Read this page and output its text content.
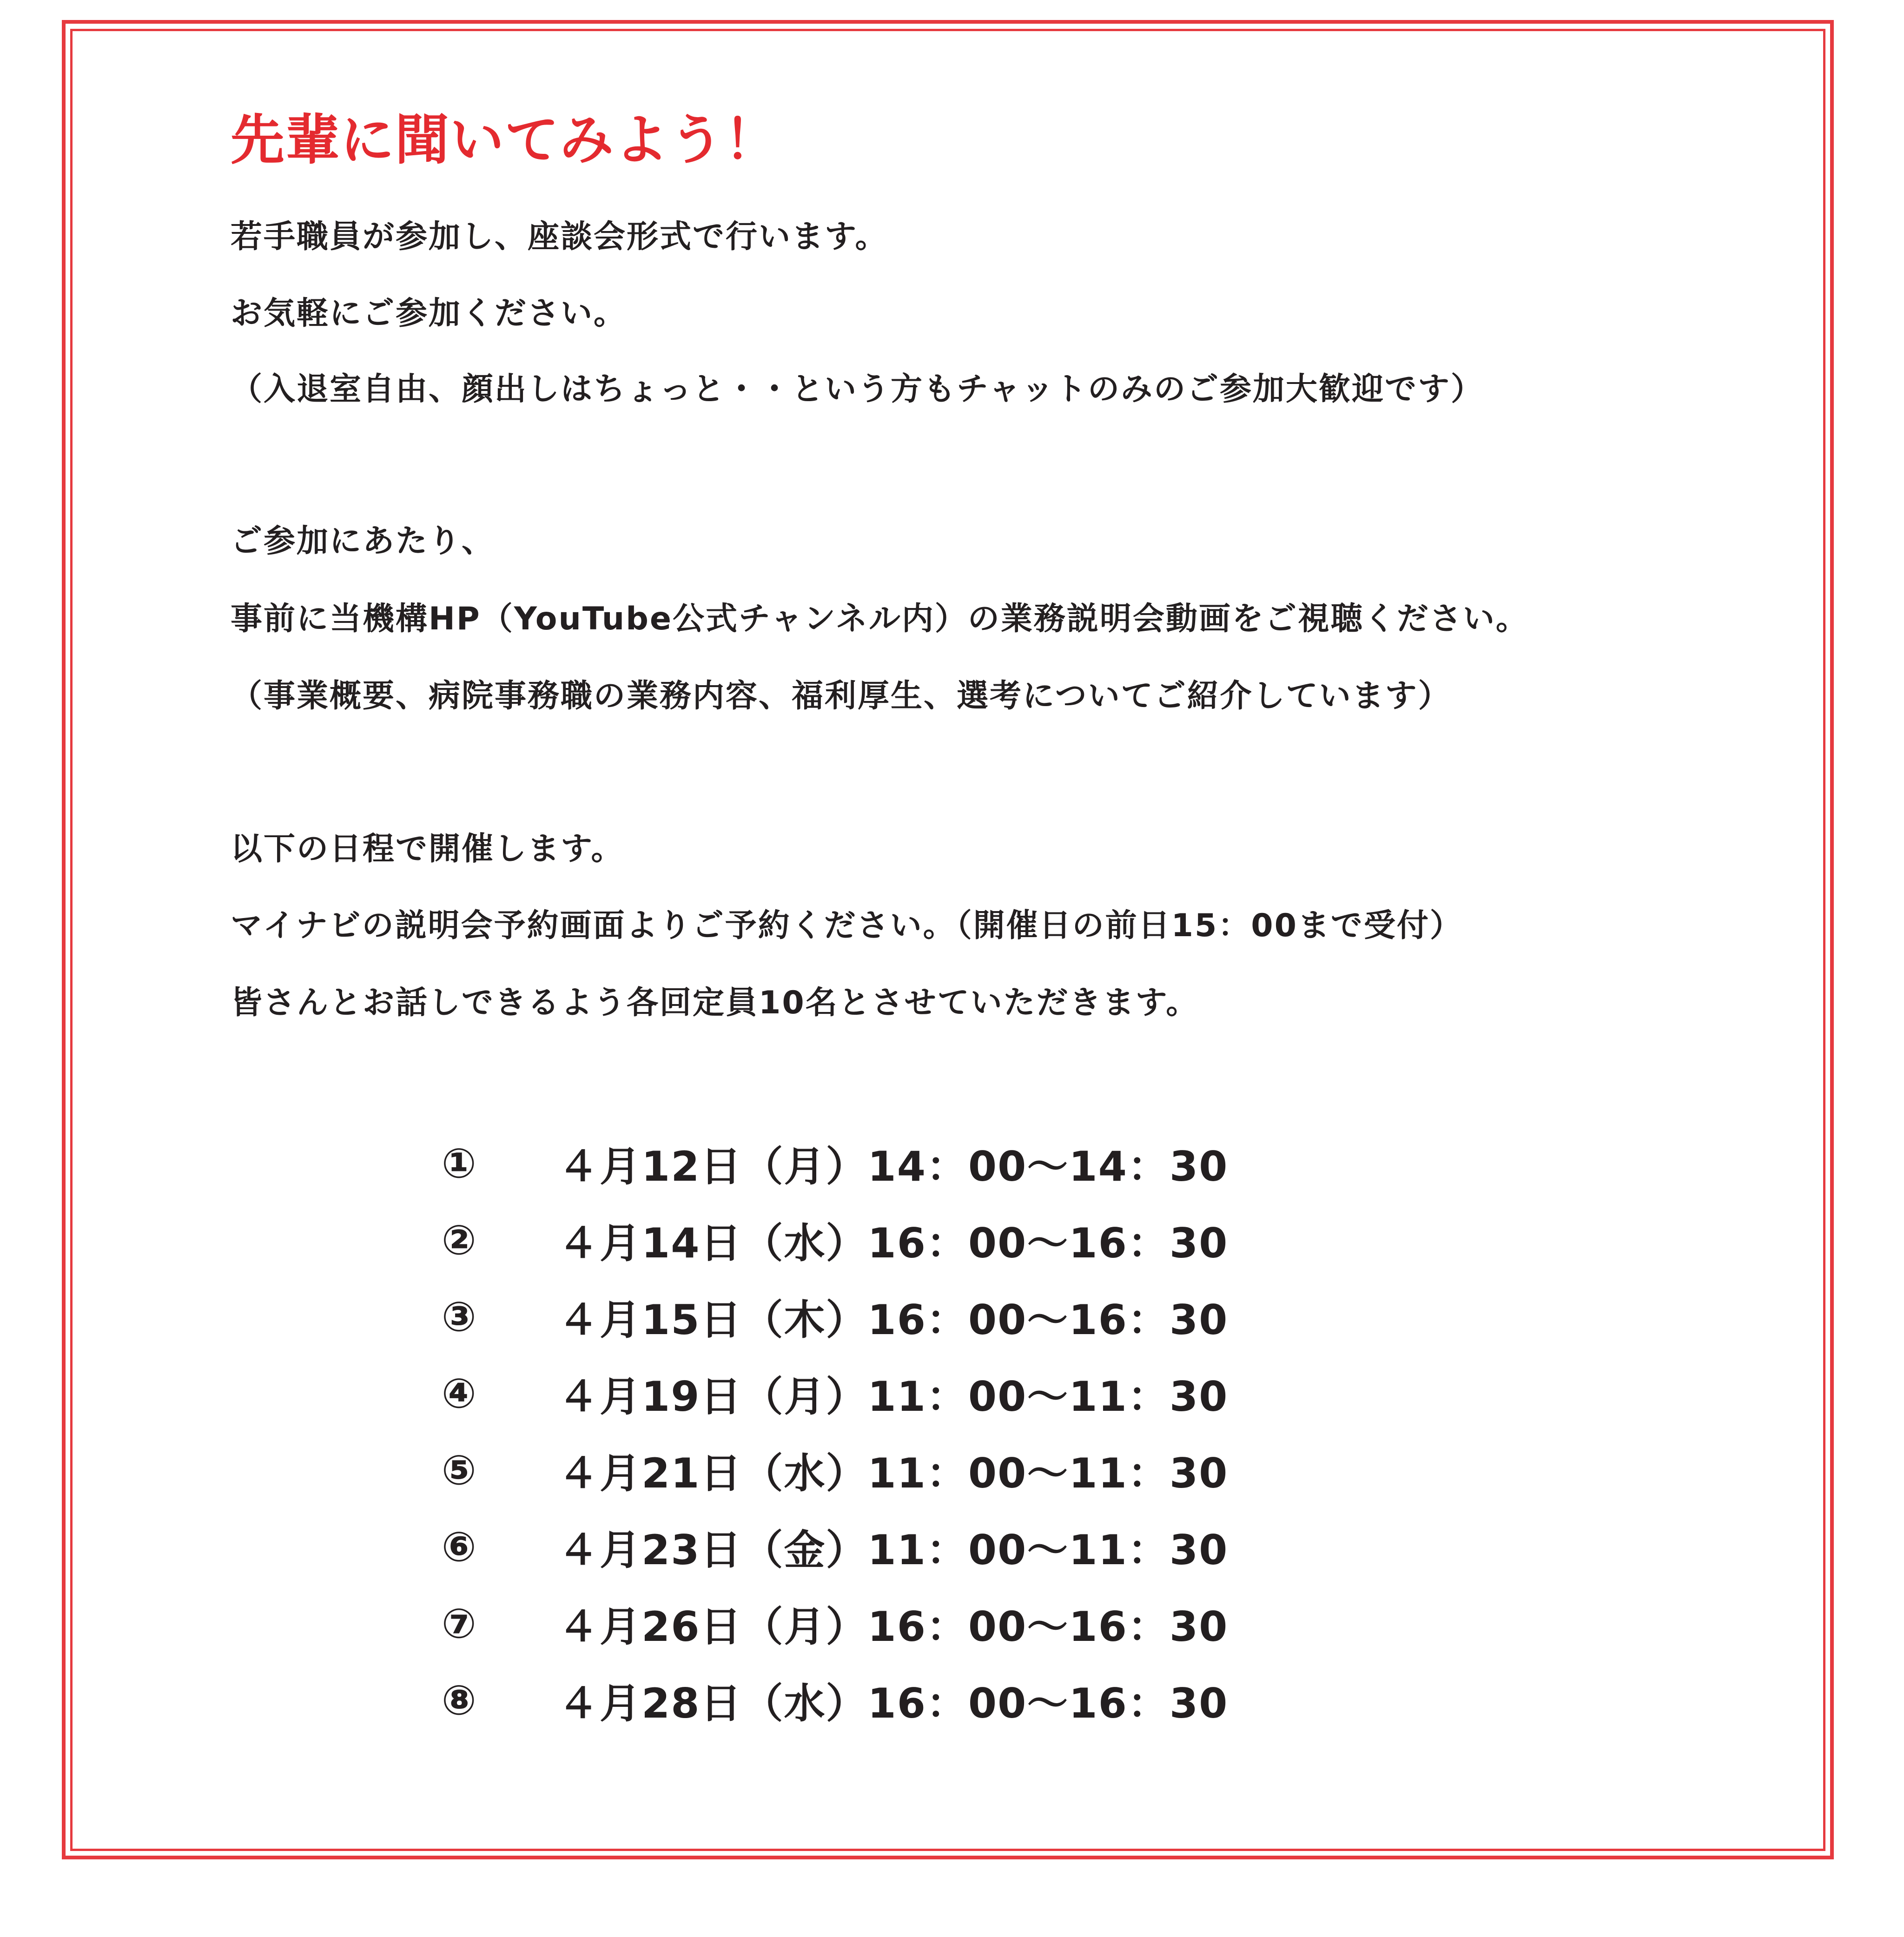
先輩に聞いてみよう！
若手職員が参加し、座談会形式で行います。
お気軽にご参加ください。
（入退室自由、顔出しはちょっと・・という方もチャットのみのご参加大歓迎です）
ご参加にあたり、
事前に当機構HP（YouTube公式チャンネル内）の業務説明会動画をご視聴ください。
（事業概要、病院事務職の業務内容、福利厚生、選考についてご紹介しています）
以下の日程で開催します。
マイナビの説明会予約画面よりご予約ください。（開催日の前日15：00まで受付）
皆さんとお話しできるよう各回定員10名とさせていただきます。
①	４月12日（月）14：00～14：30
②	４月14日（水）16：00～16：30
③	４月15日（木）16：00～16：30
④	４月19日（月）11：00～11：30
⑤	４月21日（水）11：00～11：30
⑥	４月23日（金）11：00～11：30
⑦	４月26日（月）16：00～16：30
⑧	４月28日（水）16：00～16：30
